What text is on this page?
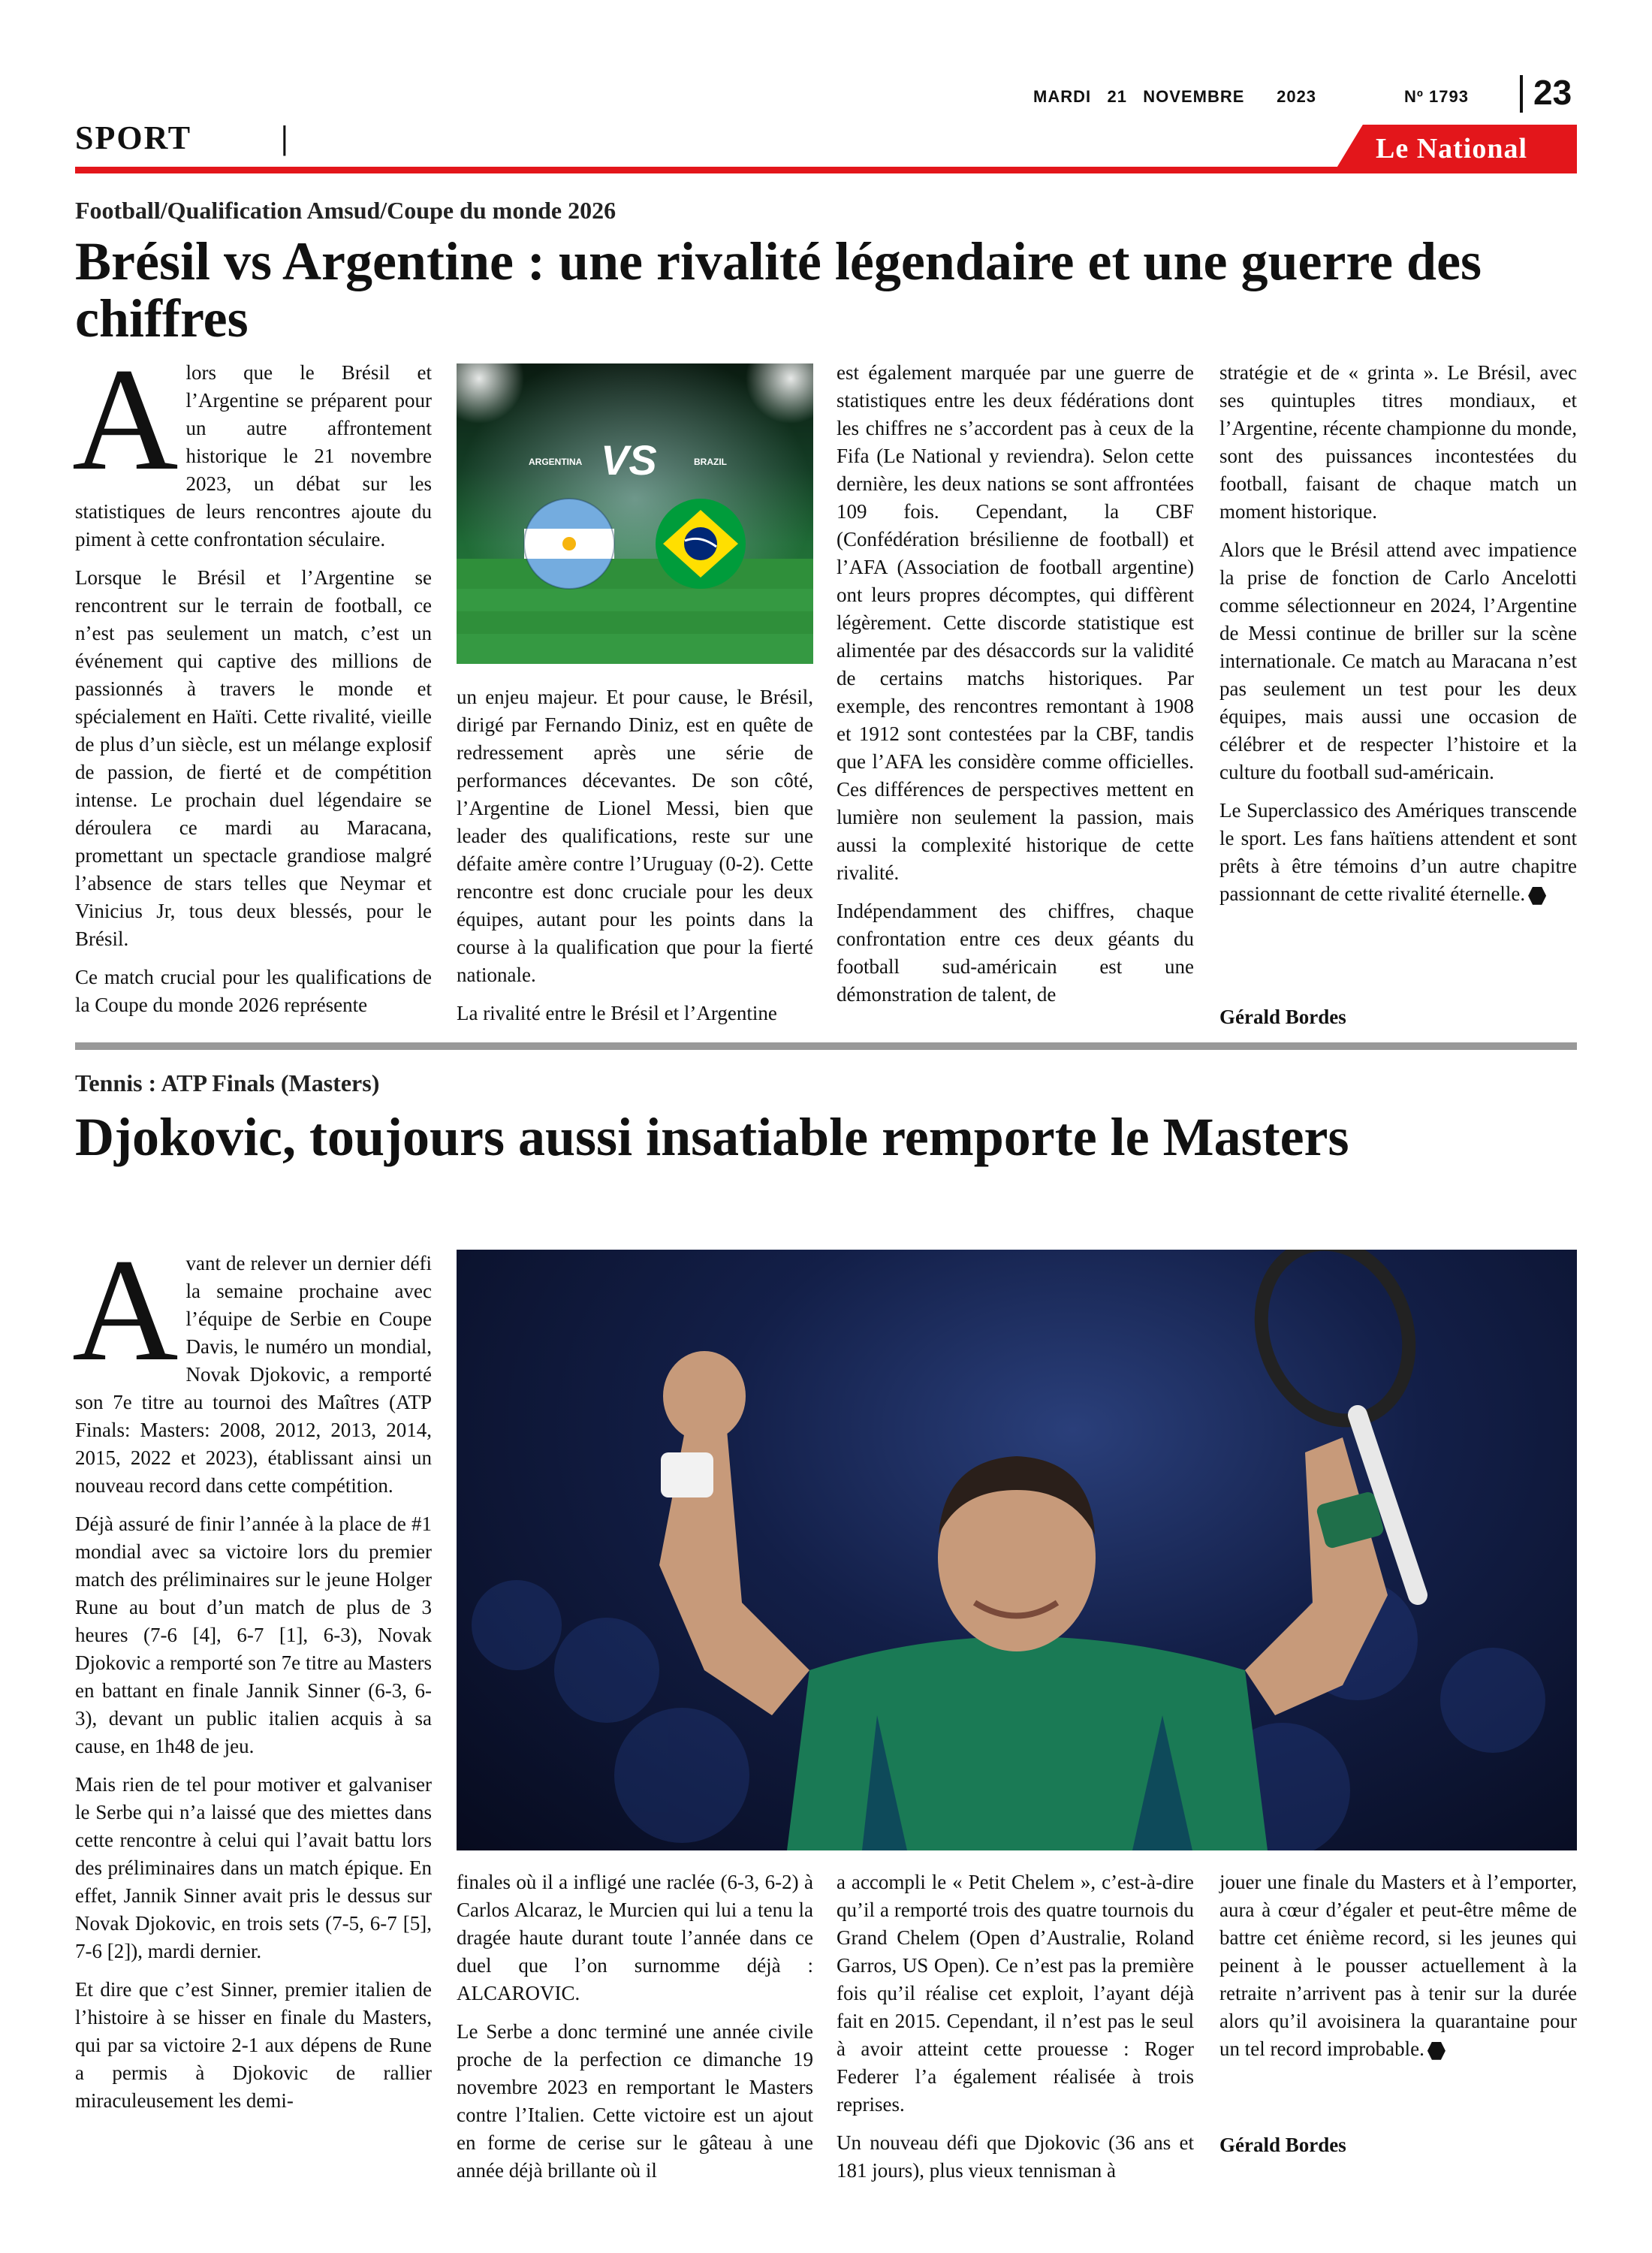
MARDI 21 NOVEMBRE 2023	Nº 1793 23
SPORT	|	Le National
Football/Qualification Amsud/Coupe du monde 2026
Brésil vs Argentine : une rivalité légendaire et une guerre des chiffres

Alors que le Brésil et l’Argentine se préparent pour un autre affrontement historique le 21 novembre 2023, un débat sur les statistiques de leurs rencontres ajoute du piment à cette confrontation séculaire.

Lorsque le Brésil et l’Argentine se rencontrent sur le terrain de football, ce n’est pas seulement un match, c’est un événement qui captive des millions de passionnés à travers le monde et spécialement en Haïti. Cette rivalité, vieille de plus d’un siècle, est un mélange explosif de passion, de fierté et de compétition intense. Le prochain duel légendaire se déroulera ce mardi au Maracana, promettant un spectacle grandiose malgré l’absence de stars telles que Neymar et Vinicius Jr, tous deux blessés, pour le Brésil.

Ce match crucial pour les qualifications de la Coupe du monde 2026 représente

ARGENTINA VS	BRAZIL

un enjeu majeur. Et pour cause, le Brésil, dirigé par Fernando Diniz, est en quête de redressement après une série de performances décevantes. De son côté, l’Argentine de Lionel Messi, bien que leader des qualifications, reste sur une défaite amère contre l’Uruguay (0-2). Cette rencontre est donc cruciale pour les deux équipes, autant pour les points dans la course à la qualification que pour la fierté nationale.

La rivalité entre le Brésil et l’Argentine

est également marquée par une guerre de statistiques entre les deux fédérations dont les chiffres ne s’accordent pas à ceux de la Fifa (Le National y reviendra). Selon cette dernière, les deux nations se sont affrontées 109 fois. Cependant, la CBF (Confédération brésilienne de football) et l’AFA (Association de football argentine) ont leurs propres décomptes, qui diffèrent légèrement. Cette discorde statistique est alimentée par des désaccords sur la validité de certains matchs historiques. Par exemple, des rencontres remontant à 1908 et 1912 sont contestées par la CBF, tandis que l’AFA les considère comme officielles. Ces différences de perspectives mettent en lumière non seulement la passion, mais aussi la complexité historique de cette rivalité.

Indépendamment des chiffres, chaque confrontation entre ces deux géants du football sud-américain est une démonstration de talent, de

stratégie et de « grinta ». Le Brésil, avec ses quintuples titres mondiaux, et l’Argentine, récente championne du monde, sont des puissances incontestées du football, faisant de chaque match un moment historique.

Alors que le Brésil attend avec impatience la prise de fonction de Carlo Ancelotti comme sélectionneur en 2024, l’Argentine de Messi continue de briller sur la scène internationale. Ce match au Maracana n’est pas seulement un test pour les deux équipes, mais aussi une occasion de célébrer et de respecter l’histoire et la culture du football sud-américain.

Le Superclassico des Amériques transcende le sport. Les fans haïtiens attendent et sont prêts à être témoins d’un autre chapitre passionnant de cette rivalité éternelle.

Gérald Bordes

Tennis : ATP Finals (Masters)
Djokovic, toujours aussi insatiable remporte le Masters

Avant de relever un dernier défi la semaine prochaine avec l’équipe de Serbie en Coupe Davis, le numéro un mondial, Novak Djokovic, a remporté son 7e titre au tournoi des Maîtres (ATP Finals: Masters: 2008, 2012, 2013, 2014, 2015, 2022 et 2023), établissant ainsi un nouveau record dans cette compétition.

Déjà assuré de finir l’année à la place de #1 mondial avec sa victoire lors du premier match des préliminaires sur le jeune Holger Rune au bout d’un match de plus de 3 heures (7-6 [4], 6-7 [1], 6-3), Novak Djokovic a remporté son 7e titre au Masters en battant en finale Jannik Sinner (6-3, 6-3), devant un public italien acquis à sa cause, en 1h48 de jeu.

Mais rien de tel pour motiver et galvaniser le Serbe qui n’a laissé que des miettes dans cette rencontre à celui qui l’avait battu lors des préliminaires dans un match épique. En effet, Jannik Sinner avait pris le dessus sur Novak Djokovic, en trois sets (7-5, 6-7 [5], 7-6 [2]), mardi dernier.

Et dire que c’est Sinner, premier italien de l’histoire à se hisser en finale du Masters, qui par sa victoire 2-1 aux dépens de Rune a permis à Djokovic de rallier miraculeusement les demi-

finales où il a infligé une raclée (6-3, 6-2) à Carlos Alcaraz, le Murcien qui lui a tenu la dragée haute durant toute l’année dans ce duel que l’on surnomme déjà : ALCAROVIC.

Le Serbe a donc terminé une année civile proche de la perfection ce dimanche 19 novembre 2023 en remportant le Masters contre l’Italien. Cette victoire est un ajout en forme de cerise sur le gâteau à une année déjà brillante où il

a accompli le « Petit Chelem », c’est-à-dire qu’il a remporté trois des quatre tournois du Grand Chelem (Open d’Australie, Roland Garros, US Open). Ce n’est pas la première fois qu’il réalise cet exploit, l’ayant déjà fait en 2015. Cependant, il n’est pas le seul à avoir atteint cette prouesse : Roger Federer l’a également réalisée à trois reprises.

Un nouveau défi que Djokovic (36 ans et 181 jours), plus vieux tennisman à

jouer une finale du Masters et à l’emporter, aura à cœur d’égaler et peut-être même de battre cet énième record, si les jeunes qui peinent à le pousser actuellement à la retraite n’arrivent pas à tenir sur la durée alors qu’il avoisinera la quarantaine pour un tel record improbable.

Gérald Bordes
